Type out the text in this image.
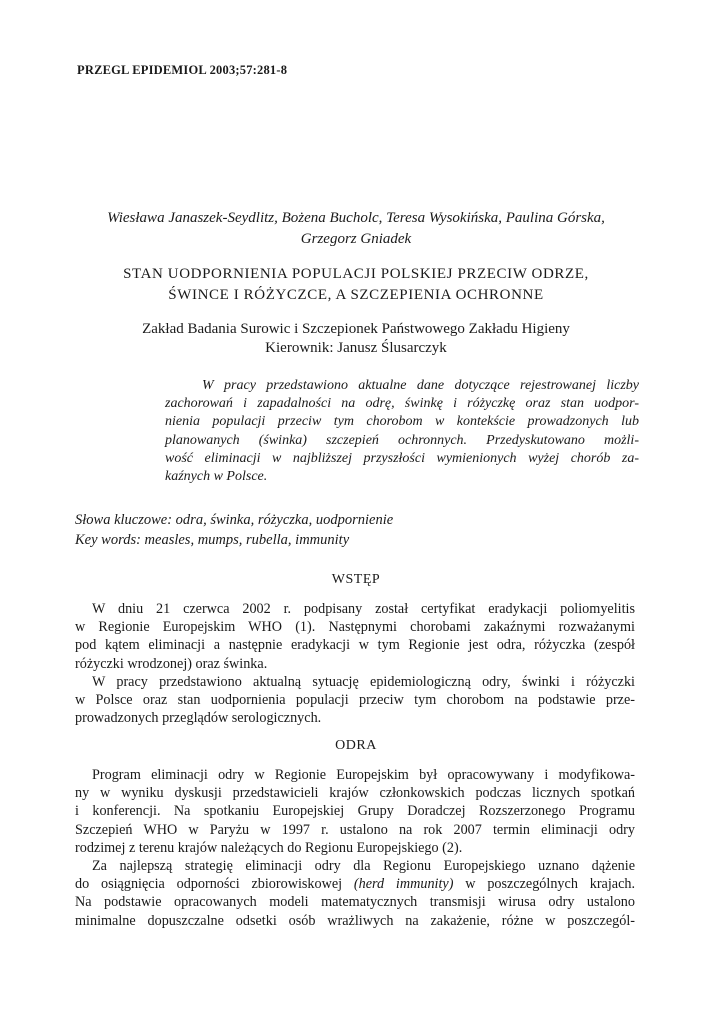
PRZEGL EPIDEMIOL 2003;57:281-8
Wiesława Janaszek-Seydlitz, Bożena Bucholc, Teresa Wysokińska, Paulina Górska,
Grzegorz Gniadek
STAN UODPORNIENIA POPULACJI POLSKIEJ PRZECIW ODRZE,
ŚWINCE I RÓŻYCZCE, A SZCZEPIENIA OCHRONNE
Zakład Badania Surowic i Szczepionek Państwowego Zakładu Higieny
Kierownik: Janusz Ślusarczyk
W pracy przedstawiono aktualne dane dotyczące rejestrowanej liczby
zachorowań i zapadalności na odrę, świnkę i różyczkę oraz stan uodpor-
nienia populacji przeciw tym chorobom w kontekście prowadzonych lub
planowanych (świnka) szczepień ochronnych. Przedyskutowano możli-
wość eliminacji w najbliższej przyszłości wymienionych wyżej chorób za-
kaźnych w Polsce.
Słowa kluczowe: odra, świnka, różyczka, uodpornienie
Key words: measles, mumps, rubella, immunity
WSTĘP
W dniu 21 czerwca 2002 r. podpisany został certyfikat eradykacji poliomyelitis
w Regionie Europejskim WHO (1). Następnymi chorobami zakaźnymi rozważanymi
pod kątem eliminacji a następnie eradykacji w tym Regionie jest odra, różyczka (zespół
różyczki wrodzonej) oraz świnka.
W pracy przedstawiono aktualną sytuację epidemiologiczną odry, świnki i różyczki
w Polsce oraz stan uodpornienia populacji przeciw tym chorobom na podstawie prze-
prowadzonych przeglądów serologicznych.
ODRA
Program eliminacji odry w Regionie Europejskim był opracowywany i modyfikowa-
ny w wyniku dyskusji przedstawicieli krajów członkowskich podczas licznych spotkań
i konferencji. Na spotkaniu Europejskiej Grupy Doradczej Rozszerzonego Programu
Szczepień WHO w Paryżu w 1997 r. ustalono na rok 2007 termin eliminacji odry
rodzimej z terenu krajów należących do Regionu Europejskiego (2).
Za najlepszą strategię eliminacji odry dla Regionu Europejskiego uznano dążenie
do osiągnięcia odporności zbiorowiskowej (herd immunity) w poszczególnych krajach.
Na podstawie opracowanych modeli matematycznych transmisji wirusa odry ustalono
minimalne dopuszczalne odsetki osób wrażliwych na zakażenie, różne w poszczegól-
